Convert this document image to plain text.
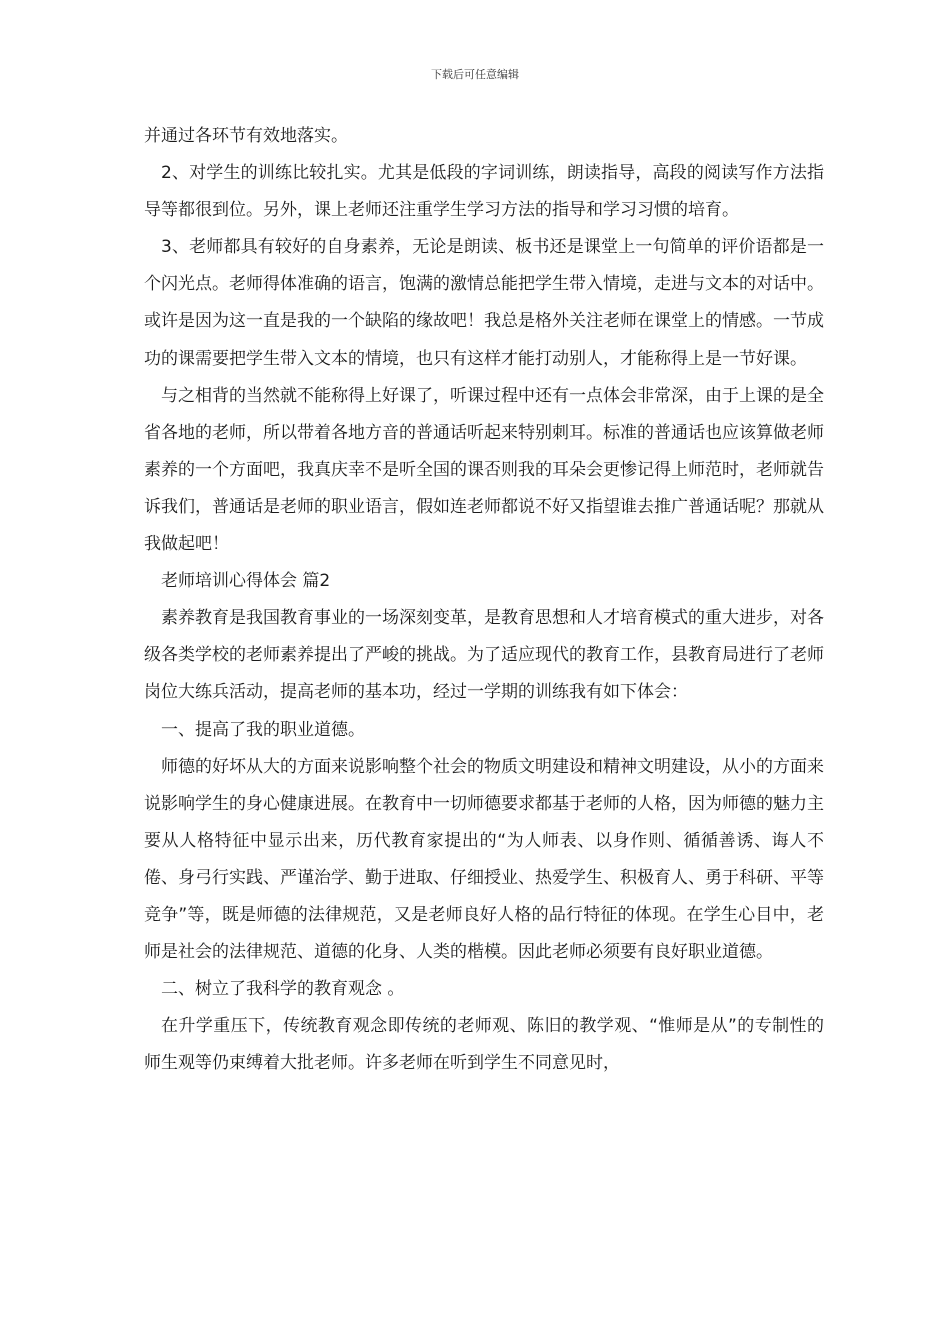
下载后可任意编辑

并通过各环节有效地落实。

2、对学生的训练比较扎实。尤其是低段的字词训练，朗读指导，高段的阅读写作方法指导等都很到位。另外，课上老师还注重学生学习方法的指导和学习习惯的培育。

3、老师都具有较好的自身素养，无论是朗读、板书还是课堂上一句简单的评价语都是一个闪光点。老师得体准确的语言，饱满的激情总能把学生带入情境，走进与文本的对话中。或许是因为这一直是我的一个缺陷的缘故吧！我总是格外关注老师在课堂上的情感。一节成功的课需要把学生带入文本的情境，也只有这样才能打动别人，才能称得上是一节好课。

与之相背的当然就不能称得上好课了，听课过程中还有一点体会非常深，由于上课的是全省各地的老师，所以带着各地方音的普通话听起来特别刺耳。标准的普通话也应该算做老师素养的一个方面吧，我真庆幸不是听全国的课否则我的耳朵会更惨记得上师范时，老师就告诉我们，普通话是老师的职业语言，假如连老师都说不好又指望谁去推广普通话呢？那就从我做起吧！

老师培训心得体会 篇2

素养教育是我国教育事业的一场深刻变革，是教育思想和人才培育模式的重大进步，对各级各类学校的老师素养提出了严峻的挑战。为了适应现代的教育工作，县教育局进行了老师岗位大练兵活动，提高老师的基本功，经过一学期的训练我有如下体会：

一、提高了我的职业道德。

师德的好坏从大的方面来说影响整个社会的物质文明建设和精神文明建设，从小的方面来说影响学生的身心健康进展。在教育中一切师德要求都基于老师的人格，因为师德的魅力主要从人格特征中显示出来，历代教育家提出的“为人师表、以身作则、循循善诱、诲人不倦、身弓行实践、严谨治学、勤于进取、仔细授业、热爱学生、积极育人、勇于科研、平等竞争”等，既是师德的法律规范，又是老师良好人格的品行特征的体现。在学生心目中，老师是社会的法律规范、道德的化身、人类的楷模。因此老师必须要有良好职业道德。

二、树立了我科学的教育观念 。

在升学重压下，传统教育观念即传统的老师观、陈旧的教学观、“惟师是从”的专制性的师生观等仍束缚着大批老师。许多老师在听到学生不同意见时，
